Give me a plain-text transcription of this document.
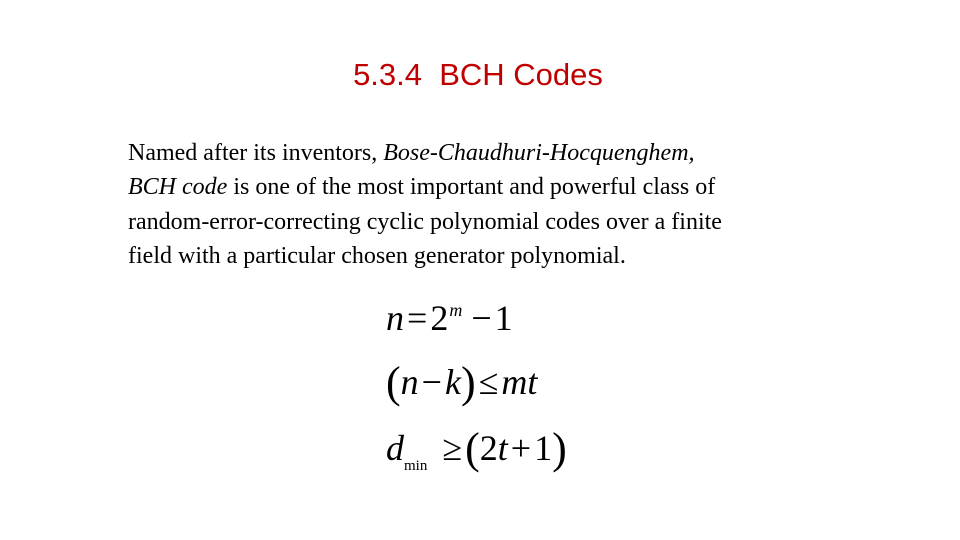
5.3.4  BCH Codes
Named after its inventors, Bose-Chaudhuri-Hocquenghem,
BCH code is one of the most important and powerful class of
random-error-correcting cyclic polynomial codes over a finite
field with a particular chosen generator polynomial.
$n=2^m -1$
(n−k)≤mt
$d_{min} \ge(2t+1)$
